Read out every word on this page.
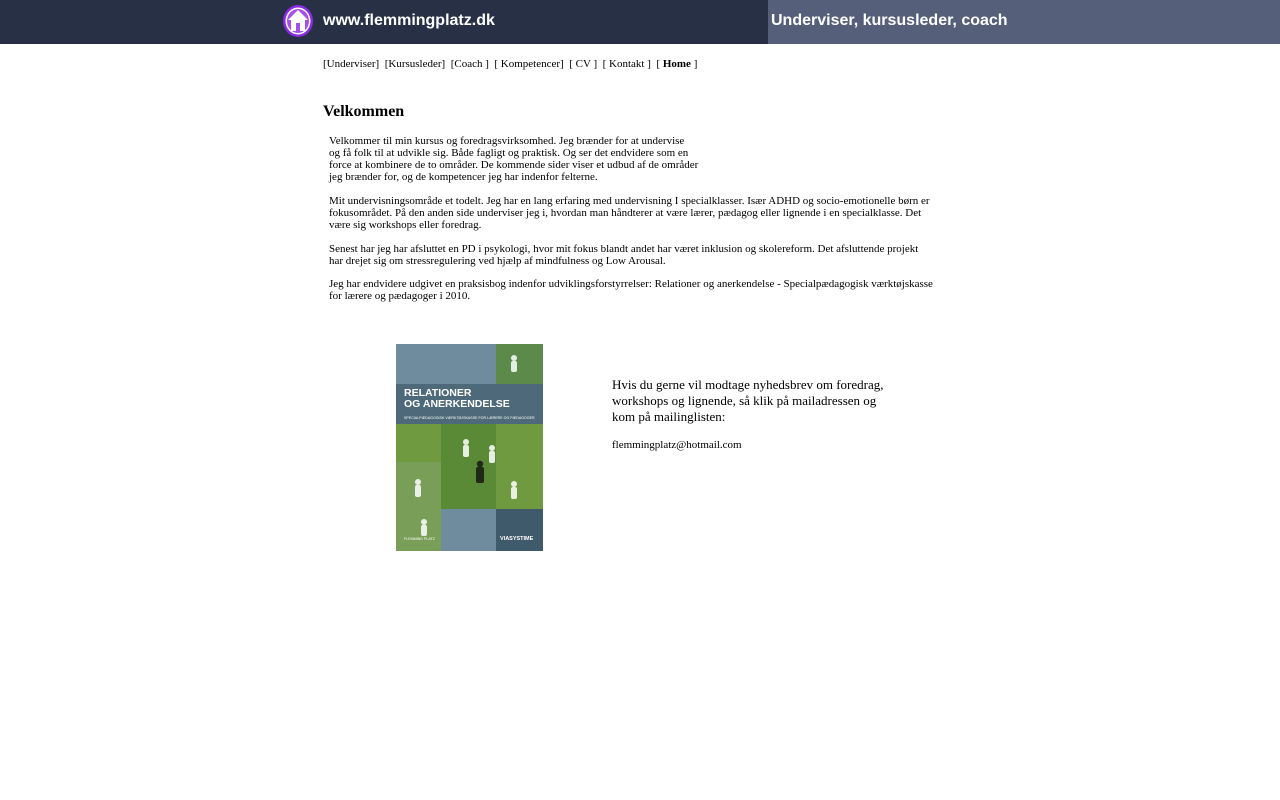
www.flemmingplatz.dk	Underviser, kursusleder, coach
[Underviser]  [Kursusleder]  [Coach ]  [ Kompetencer]  [ CV ]  [ Kontakt ]  [ Home ]
Velkommen
Velkommer til min kursus og foredragsvirksomhed. Jeg brænder for at undervise
og få folk til at udvikle sig. Både fagligt og praktisk. Og ser det endvidere som en
force at kombinere de to områder. De kommende sider viser et udbud af de områder
jeg brænder for, og de kompetencer jeg har indenfor felterne.
Mit undervisningsområde et todelt. Jeg har en lang erfaring med undervisning I specialklasser. Især ADHD og socio-emotionelle børn er
fokusområdet. På den anden side underviser jeg i, hvordan man håndterer at være lærer, pædagog eller lignende i en specialklasse. Det
være sig workshops eller foredrag.
Senest har jeg har afsluttet en PD i psykologi, hvor mit fokus blandt andet har været inklusion og skolereform. Det afsluttende projekt
har drejet sig om stressregulering ved hjælp af mindfulness og Low Arousal.
Jeg har endvidere udgivet en praksisbog indenfor udviklingsforstyrrelser: Relationer og anerkendelse - Specialpædagogisk værktøjskasse
for lærere og pædagoger i 2010.
RELATIONER
OG ANERKENDELSE
SPECIALPÆDAGOGISK VÆRKTØJSKASSE FOR LÆRERE OG PÆDAGOGER
FLEMMING PLATZ	VIASYSTIME
Hvis du gerne vil modtage nyhedsbrev om foredrag,
workshops og lignende, så klik på mailadressen og
kom på mailinglisten:
flemmingplatz@hotmail.com
